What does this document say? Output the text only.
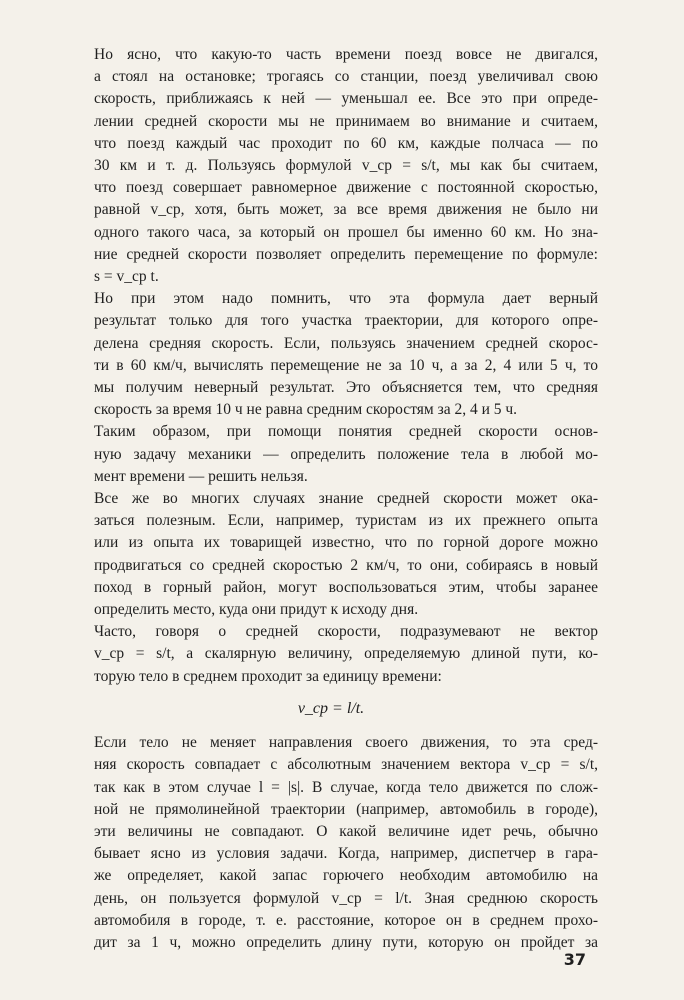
Но ясно, что какую-то часть времени поезд вовсе не двигался,
а стоял на остановке; трогаясь со станции, поезд увеличивал свою
скорость, приближаясь к ней — уменьшал ее. Все это при опреде-
лении средней скорости мы не принимаем во внимание и считаем,
что поезд каждый час проходит по 60 км, каждые полчаса — по
30 км и т. д. Пользуясь формулой v_ср = s/t, мы как бы считаем,
что поезд совершает равномерное движение с постоянной скоростью,
равной v_ср, хотя, быть может, за все время движения не было ни
одного такого часа, за который он прошел бы именно 60 км. Но зна-
ние средней скорости позволяет определить перемещение по формуле:
s = v_ср t.
Но при этом надо помнить, что эта формула дает верный
результат только для того участка траектории, для которого опре-
делена средняя скорость. Если, пользуясь значением средней скорос-
ти в 60 км/ч, вычислять перемещение не за 10 ч, а за 2, 4 или 5 ч, то
мы получим неверный результат. Это объясняется тем, что средняя
скорость за время 10 ч не равна средним скоростям за 2, 4 и 5 ч.
Таким образом, при помощи понятия средней скорости основ-
ную задачу механики — определить положение тела в любой мо-
мент времени — решить нельзя.
Все же во многих случаях знание средней скорости может ока-
заться полезным. Если, например, туристам из их прежнего опыта
или из опыта их товарищей известно, что по горной дороге можно
продвигаться со средней скоростью 2 км/ч, то они, собираясь в новый
поход в горный район, могут воспользоваться этим, чтобы заранее
определить место, куда они придут к исходу дня.
Часто, говоря о средней скорости, подразумевают не вектор
v_ср = s/t, а скалярную величину, определяемую длиной пути, ко-
торую тело в среднем проходит за единицу времени:
v_ср = l/t.
Если тело не меняет направления своего движения, то эта сред-
няя скорость совпадает с абсолютным значением вектора v_ср = s/t,
так как в этом случае l = |s|. В случае, когда тело движется по слож-
ной не прямолинейной траектории (например, автомобиль в городе),
эти величины не совпадают. О какой величине идет речь, обычно
бывает ясно из условия задачи. Когда, например, диспетчер в гара-
же определяет, какой запас горючего необходим автомобилю на
день, он пользуется формулой v_ср = l/t. Зная среднюю скорость
автомобиля в городе, т. е. расстояние, которое он в среднем прохо-
дит за 1 ч, можно определить длину пути, которую он пройдет за
37
